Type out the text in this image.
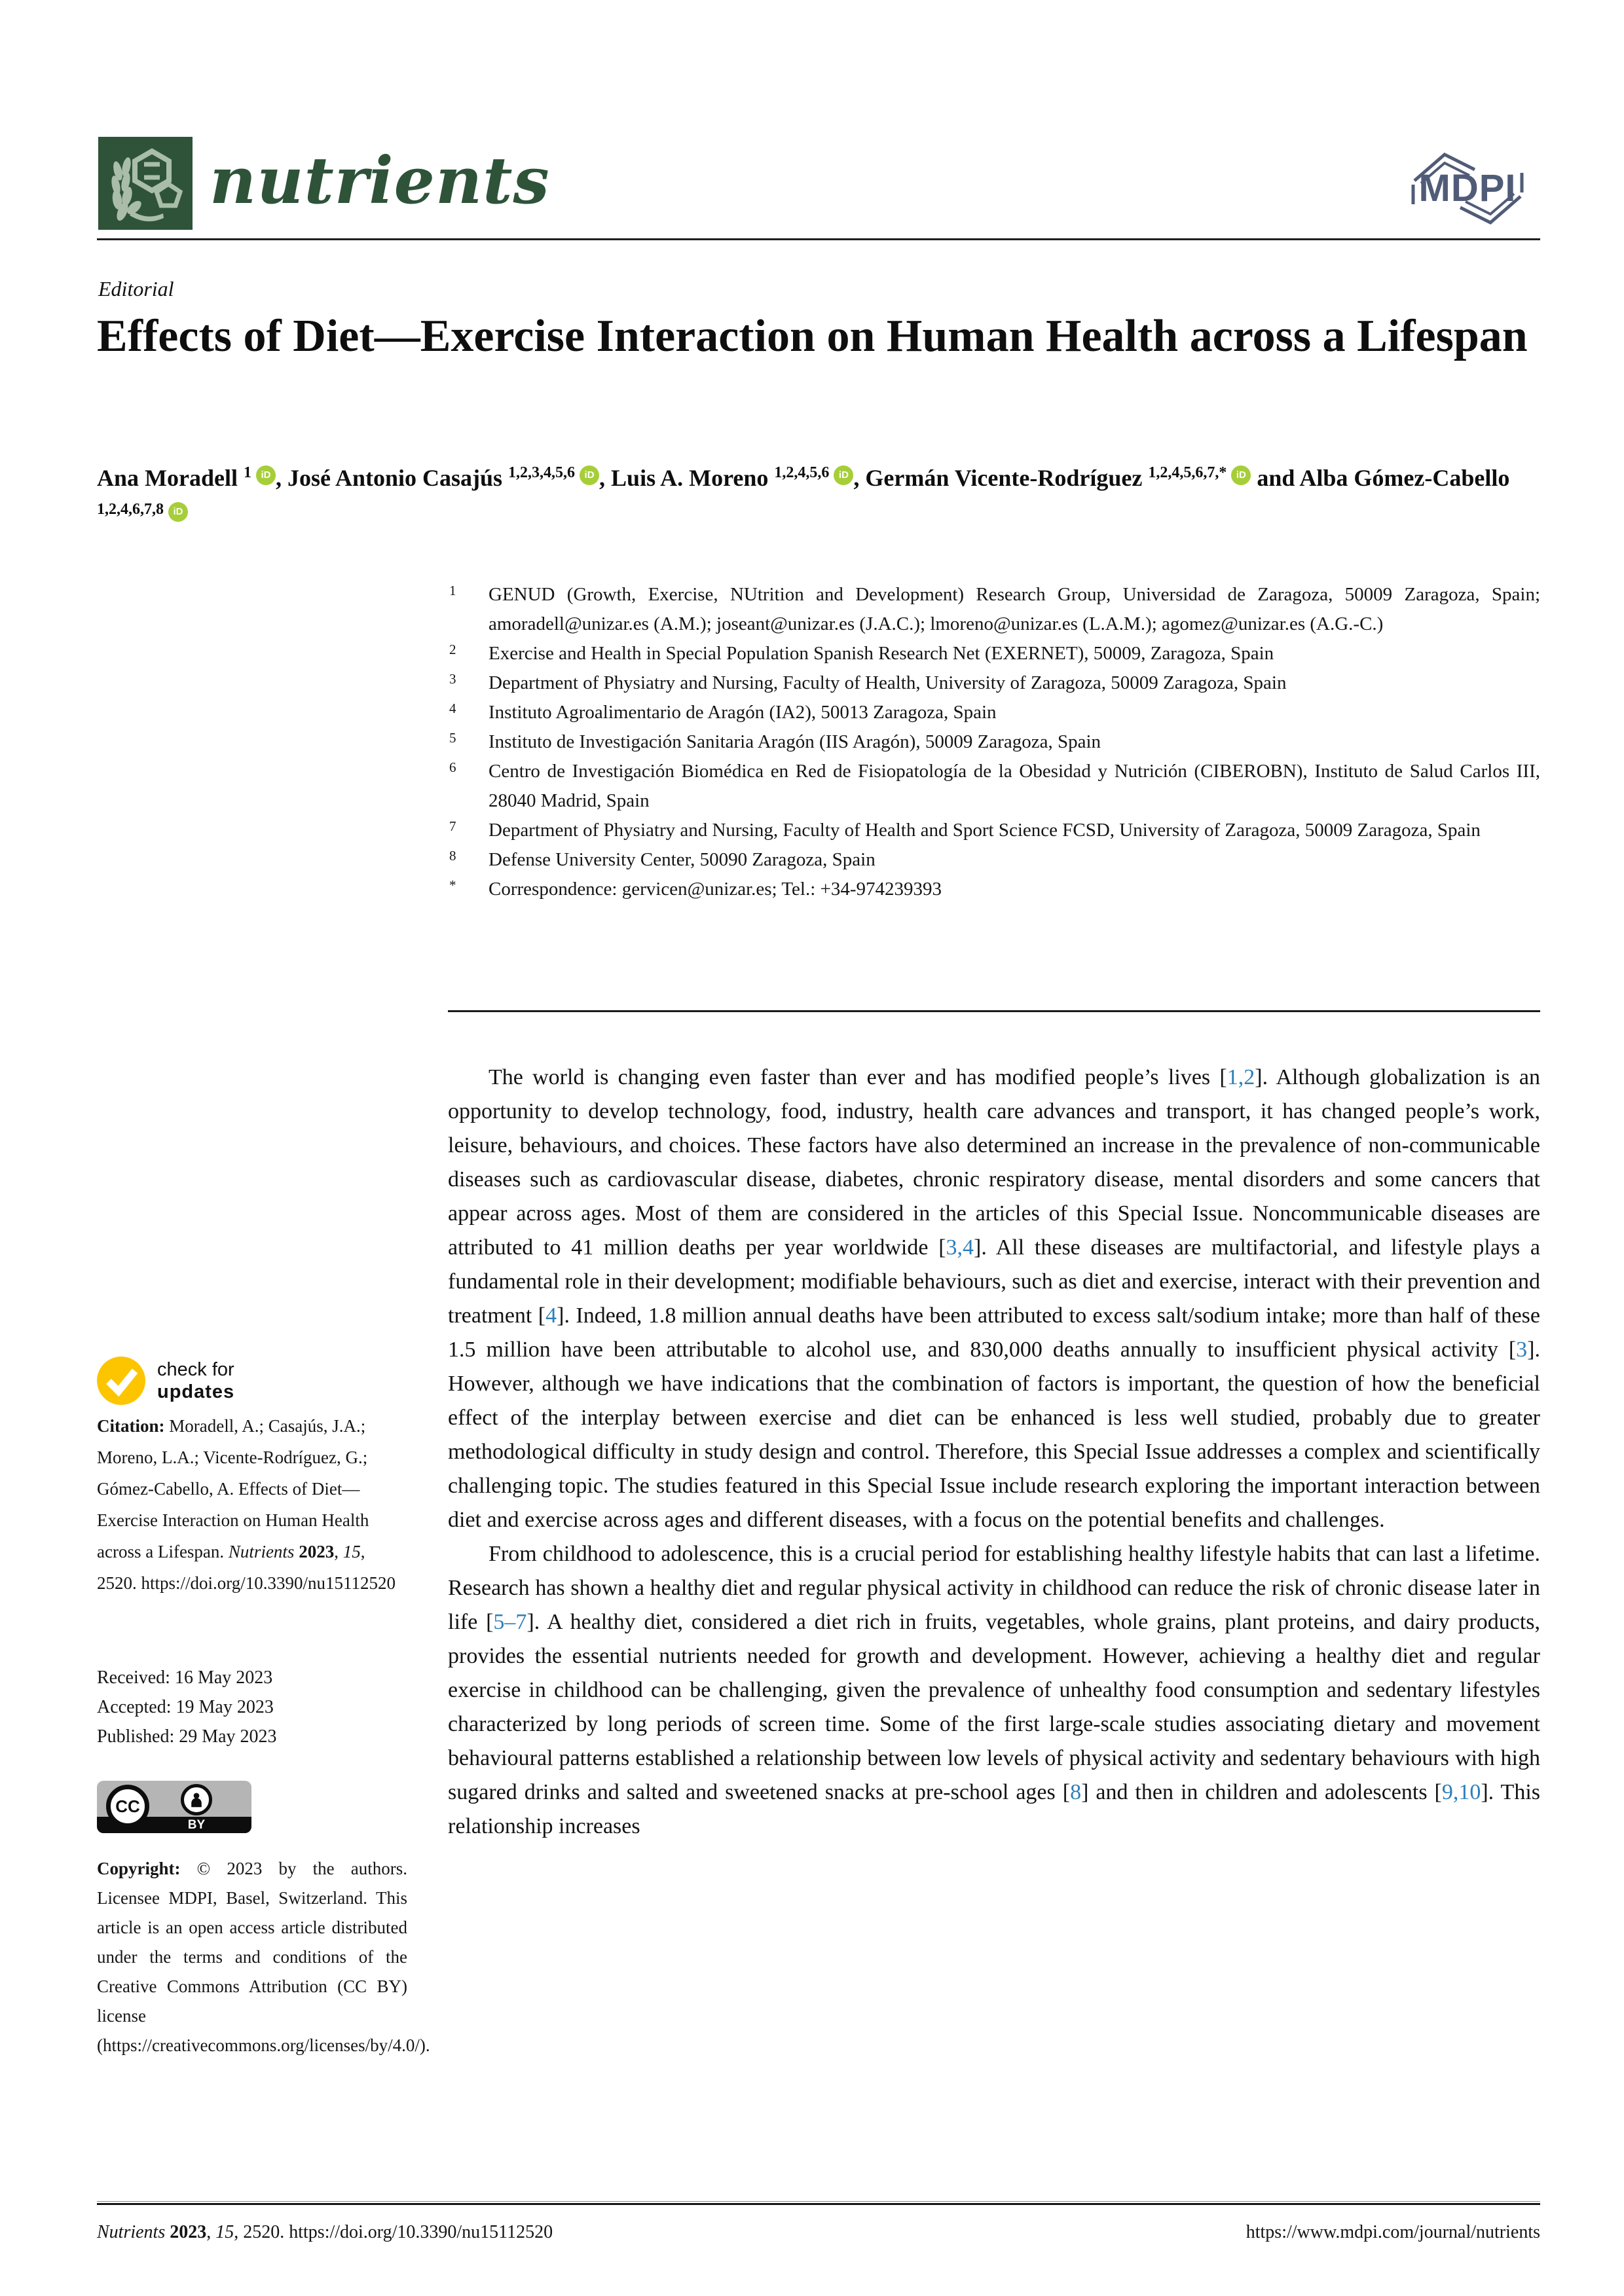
nutrients	MDPI
Editorial
Effects of Diet—Exercise Interaction on Human Health across a Lifespan
Ana Moradell $^1$ iD , José Antonio Casajús $^{1,2,3,4,5,6}$ iD , Luis A. Moreno $^{1,2,4,5,6}$ iD , Germán Vicente-Rodríguez $^{1,2,4,5,6,7,*}$ iD and Alba Gómez-Cabello $^{1,2,4,6,7,8}$ iD
1 GENUD (Growth, Exercise, NUtrition and Development) Research Group, Universidad de Zaragoza, 50009 Zaragoza, Spain; amoradell@unizar.es (A.M.); joseant@unizar.es (J.A.C.); lmoreno@unizar.es (L.A.M.); agomez@unizar.es (A.G.-C.)
2 Exercise and Health in Special Population Spanish Research Net (EXERNET), 50009, Zaragoza, Spain
3 Department of Physiatry and Nursing, Faculty of Health, University of Zaragoza, 50009 Zaragoza, Spain
4 Instituto Agroalimentario de Aragón (IA2), 50013 Zaragoza, Spain
5 Instituto de Investigación Sanitaria Aragón (IIS Aragón), 50009 Zaragoza, Spain
6 Centro de Investigación Biomédica en Red de Fisiopatología de la Obesidad y Nutrición (CIBEROBN), Instituto de Salud Carlos III, 28040 Madrid, Spain
7 Department of Physiatry and Nursing, Faculty of Health and Sport Science FCSD, University of Zaragoza, 50009 Zaragoza, Spain
8 Defense University Center, 50090 Zaragoza, Spain
* Correspondence: gervicen@unizar.es; Tel.: +34-974239393

The world is changing even faster than ever and has modified people’s lives [1,2]. Although globalization is an opportunity to develop technology, food, industry, health care advances and transport, it has changed people’s work, leisure, behaviours, and choices. These factors have also determined an increase in the prevalence of non-communicable diseases such as cardiovascular disease, diabetes, chronic respiratory disease, mental disorders and some cancers that appear across ages. Most of them are considered in the articles of this Special Issue. Noncommunicable diseases are attributed to 41 million deaths per year worldwide [3,4]. All these diseases are multifactorial, and lifestyle plays a fundamental role in their development; modifiable behaviours, such as diet and exercise, interact with their prevention and treatment [4]. Indeed, 1.8 million annual deaths have been attributed to excess salt/sodium intake; more than half of these 1.5 million have been attributable to alcohol use, and 830,000 deaths annually to insufficient physical activity [3]. However, although we have indications that the combination of factors is important, the question of how the beneficial effect of the interplay between exercise and diet can be enhanced is less well studied, probably due to greater methodological difficulty in study design and control. Therefore, this Special Issue addresses a complex and scientifically challenging topic. The studies featured in this Special Issue include research exploring the important interaction between diet and exercise across ages and different diseases, with a focus on the potential benefits and challenges.

From childhood to adolescence, this is a crucial period for establishing healthy lifestyle habits that can last a lifetime. Research has shown a healthy diet and regular physical activity in childhood can reduce the risk of chronic disease later in life [5–7]. A healthy diet, considered a diet rich in fruits, vegetables, whole grains, plant proteins, and dairy products, provides the essential nutrients needed for growth and development. However, achieving a healthy diet and regular exercise in childhood can be challenging, given the prevalence of unhealthy food consumption and sedentary lifestyles characterized by long periods of screen time. Some of the first large-scale studies associating dietary and movement behavioural patterns established a relationship between low levels of physical activity and sedentary behaviours with high sugared drinks and salted and sweetened snacks at pre-school ages [8] and then in children and adolescents [9,10]. This relationship increases

check for
updates
Citation: Moradell, A.; Casajús, J.A.; Moreno, L.A.; Vicente-Rodríguez, G.; Gómez-Cabello, A. Effects of Diet—Exercise Interaction on Human Health across a Lifespan. Nutrients 2023, 15, 2520. https://doi.org/10.3390/nu15112520
Received: 16 May 2023
Accepted: 19 May 2023
Published: 29 May 2023
CC
BY
Copyright: © 2023 by the authors. Licensee MDPI, Basel, Switzerland. This article is an open access article distributed under the terms and conditions of the Creative Commons Attribution (CC BY) license (https://creativecommons.org/licenses/by/4.0/).
Nutrients 2023, 15, 2520. https://doi.org/10.3390/nu15112520	https://www.mdpi.com/journal/nutrients
